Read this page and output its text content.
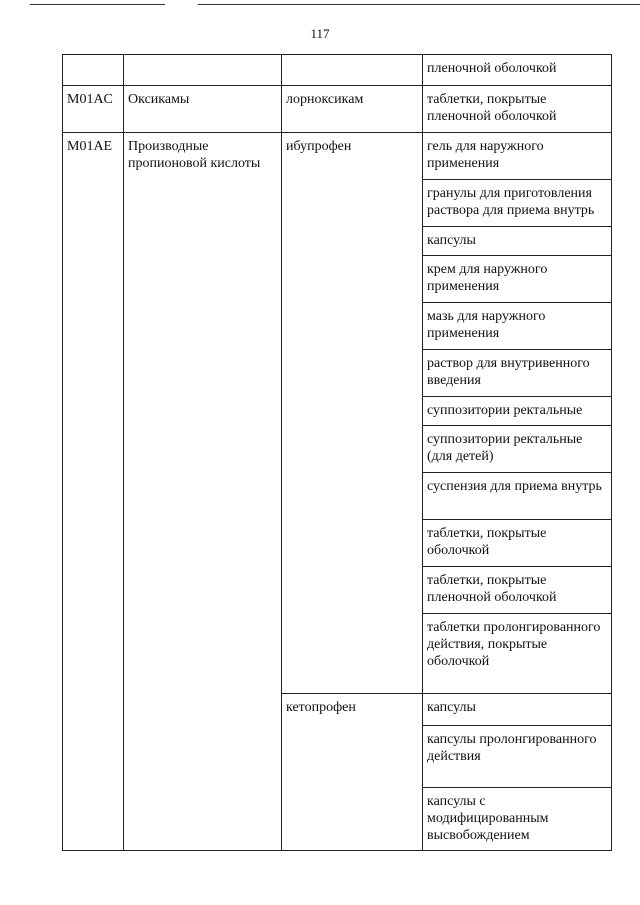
117
			пленочной оболочкой
M01AC	Оксикамы	лорноксикам	таблетки, покрытые пленочной оболочкой
M01AE	Производные пропионовой кислоты	ибупрофен	гель для наружного применения
			гранулы для приготовления раствора для приема внутрь
			капсулы
			крем для наружного применения
			мазь для наружного применения
			раствор для внутривенного введения
			суппозитории ректальные
			суппозитории ректальные (для детей)
			суспензия для приема внутрь
			таблетки, покрытые оболочкой
			таблетки, покрытые пленочной оболочкой
			таблетки пролонгированного действия, покрытые оболочкой
		кетопрофен	капсулы
			капсулы пролонгированного действия
			капсулы с модифицированным высвобождением
